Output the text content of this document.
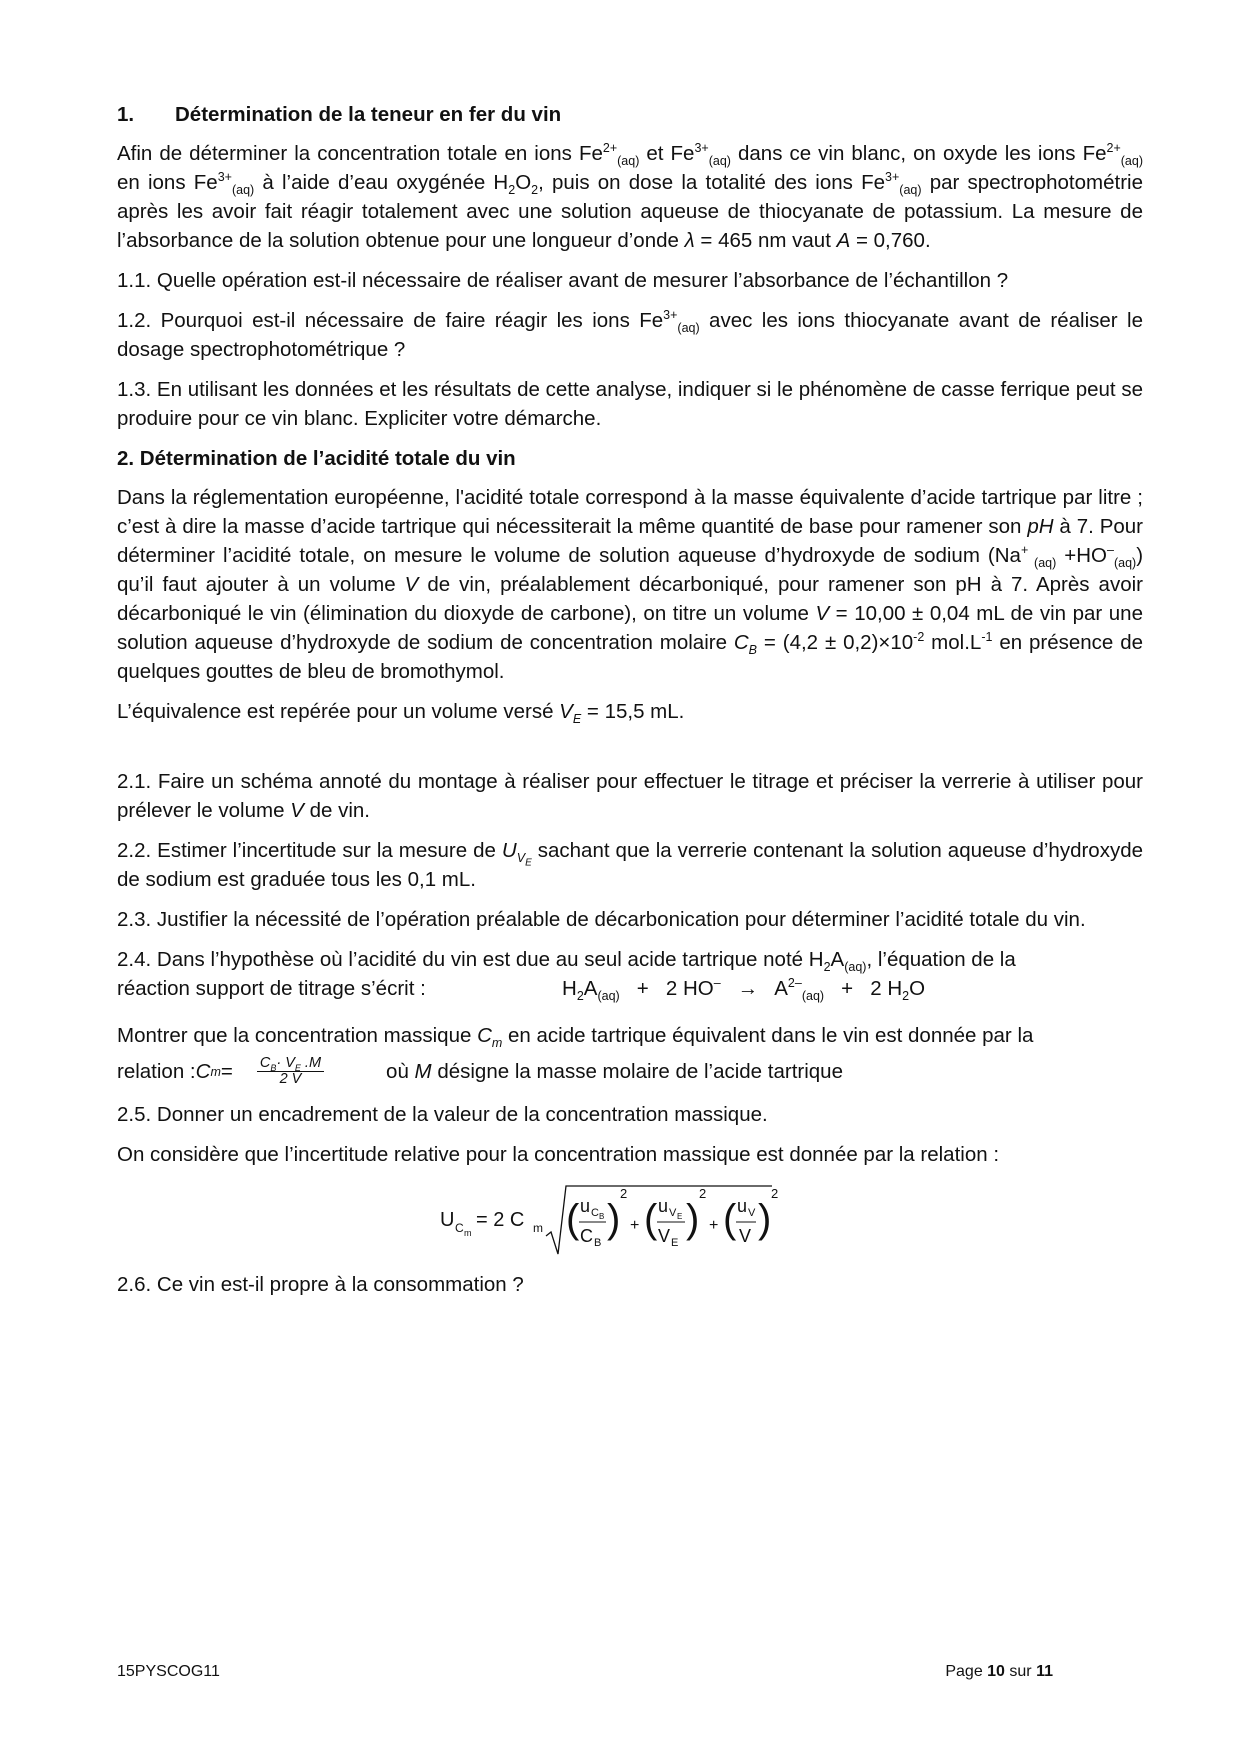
1. Détermination de la teneur en fer du vin

Afin de déterminer la concentration totale en ions $Fe^{2+}_{(aq)}$ et $Fe^{3+}_{(aq)}$ dans ce vin blanc, on oxyde les ions $Fe^{2+}_{(aq)}$ en ions $Fe^{3+}_{(aq)}$ à l’aide d’eau oxygénée $H_2O_2$, puis on dose la totalité des ions $Fe^{3+}_{(aq)}$ par spectrophotométrie après les avoir fait réagir totalement avec une solution aqueuse de thiocyanate de potassium. La mesure de l’absorbance de la solution obtenue pour une longueur d’onde λ = 465 nm vaut A = 0,760.

1.1. Quelle opération est-il nécessaire de réaliser avant de mesurer l’absorbance de l’échantillon ?

1.2. Pourquoi est-il nécessaire de faire réagir les ions $Fe^{3+}_{(aq)}$ avec les ions thiocyanate avant de réaliser le dosage spectrophotométrique ?

1.3. En utilisant les données et les résultats de cette analyse, indiquer si le phénomène de casse ferrique peut se produire pour ce vin blanc. Expliciter votre démarche.

2. Détermination de l’acidité totale du vin

Dans la réglementation européenne, l'acidité totale correspond à la masse équivalente d’acide tartrique par litre ; c’est à dire la masse d’acide tartrique qui nécessiterait la même quantité de base pour ramener son pH à 7. Pour déterminer l’acidité totale, on mesure le volume de solution aqueuse d’hydroxyde de sodium (Na+ $_{(aq)} +HO^-_{(aq)}$) qu’il faut ajouter à un volume V de vin, préalablement décarboniqué, pour ramener son pH à 7. Après avoir décarboniqué le vin (élimination du dioxyde de carbone), on titre un volume V = 10,00 ± 0,04 mL de vin par une solution aqueuse d’hydroxyde de sodium de concentration molaire $C_B = (4,2 \pm 0,2)\times 10^{-2}$ $mol.L^{-1}$ en présence de quelques gouttes de bleu de bromothymol.

L’équivalence est repérée pour un volume versé $V_E = 15,5$ mL.

2.1. Faire un schéma annoté du montage à réaliser pour effectuer le titrage et préciser la verrerie à utiliser pour prélever le volume V de vin.

2.2. Estimer l’incertitude sur la mesure de $U_{V_E}$ sachant que la verrerie contenant la solution aqueuse d’hydroxyde de sodium est graduée tous les 0,1 mL.

2.3. Justifier la nécessité de l’opération préalable de décarbonication pour déterminer l’acidité totale du vin.

2.4. Dans l’hypothèse où l’acidité du vin est due au seul acide tartrique noté $H_2A_{(aq)}$, l’équation de la

réaction support de titrage s’écrit :	$H_2A_{(aq)} + 2$ $HO^- \to A^{2-}_{(aq)} + 2$ $H_2O$

Montrer que la concentration massique $C_m$ en acide tartrique équivalent dans le vin est donnée par la

relation : C $m = \frac{C_B\cdot V_E .M}{2 V}$	où M désigne la masse molaire de l’acide tartrique

2.5. Donner un encadrement de la valeur de la concentration massique.

On considère que l’incertitude relative pour la concentration massique est donnée par la relation :

U C m
= 2 C m ( u C B
C B
)
2
+ ( u V E
V E
)
2
+ ( u V
V )
2

2.6. Ce vin est-il propre à la consommation ?

15PYSCOG11	Page 10 sur 11
